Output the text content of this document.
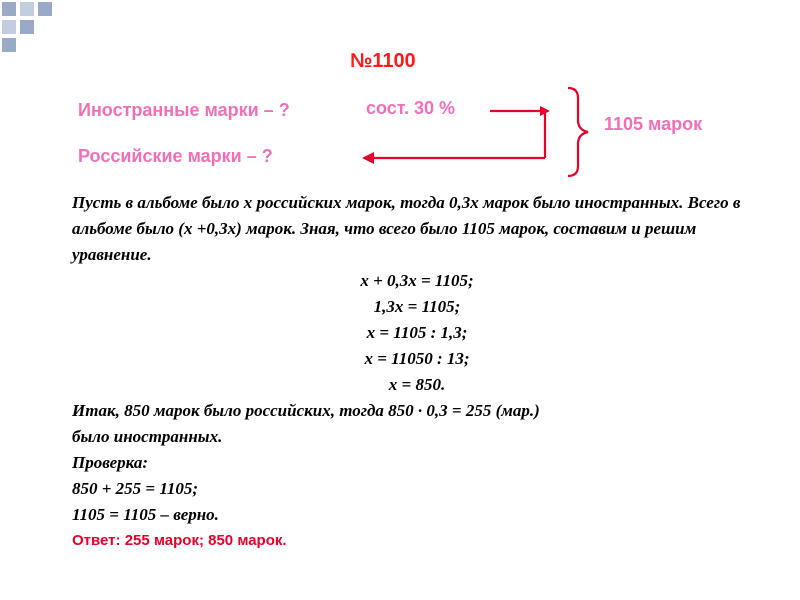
№1100
Иностранные марки – ?	сост. 30 %
Российские марки – ?
1105 марок
Пусть в альбоме было х российских марок, тогда 0,3х марок было иностранных. Всего в альбоме было (х +0,3х) марок. Зная, что всего было 1105 марок, составим и решим уравнение.
х + 0,3х = 1105;
1,3х = 1105;
х = 1105 : 1,3;
х = 11050 : 13;
х = 850.
Итак, 850 марок было российских, тогда 850 · 0,3 = 255 (мар.)
было иностранных.
Проверка:
850 + 255 = 1105;
1105 = 1105 – верно.
Ответ: 255 марок; 850 марок.
